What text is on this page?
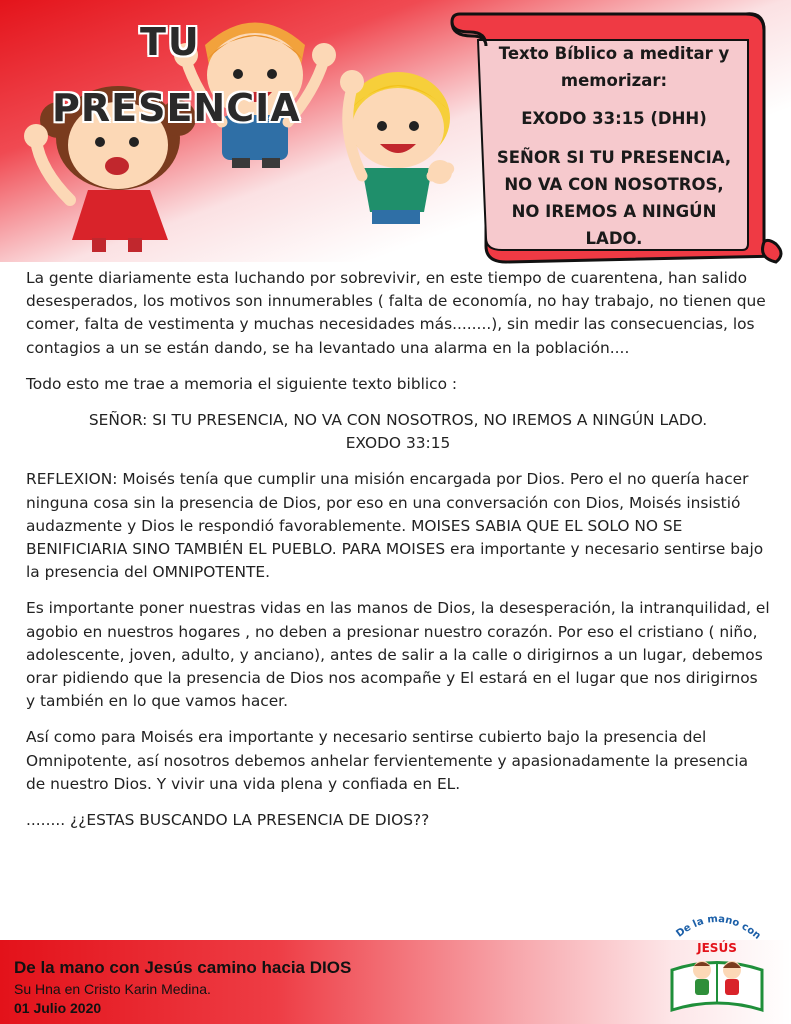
TU
PRESENCIA
Texto Bíblico a meditar y
memorizar:
EXODO 33:15 (DHH)
SEÑOR SI TU PRESENCIA,
NO VA CON NOSOTROS,
NO IREMOS A NINGÚN
LADO.

La gente diariamente esta luchando por sobrevivir, en este tiempo de cuarentena, han salido desesperados, los motivos son innumerables ( falta de economía, no hay trabajo, no tienen que comer, falta de vestimenta y muchas necesidades más........), sin medir las consecuencias, los contagios a un se están dando, se ha levantado una alarma en la población....

Todo esto me trae a memoria el siguiente texto biblico :

SEÑOR: SI TU PRESENCIA, NO VA CON NOSOTROS, NO IREMOS A NINGÚN LADO.
EXODO 33:15

REFLEXION: Moisés tenía que cumplir una misión encargada por Dios. Pero el no quería hacer ninguna cosa sin la presencia de Dios, por eso en una conversación con Dios, Moisés insistió audazmente y Dios le respondió favorablemente. MOISES SABIA QUE EL SOLO NO SE BENIFICIARIA SINO TAMBIÉN EL PUEBLO. PARA MOISES era importante y necesario sentirse bajo la presencia del OMNIPOTENTE.

Es importante poner nuestras vidas en las manos de Dios, la desesperación, la intranquilidad, el agobio en nuestros hogares , no deben a presionar nuestro corazón. Por eso el cristiano ( niño, adolescente, joven, adulto, y anciano), antes de salir a la calle o dirigirnos a un lugar, debemos orar pidiendo que la presencia de Dios nos acompañe y El estará en el lugar que nos dirigirnos y también en lo que vamos hacer.

Así como para Moisés era importante y necesario sentirse cubierto bajo la presencia del Omnipotente, así nosotros debemos anhelar fervientemente y apasionadamente la presencia de nuestro Dios. Y vivir una vida plena y confiada en EL.

........ ¿¿ESTAS BUSCANDO LA PRESENCIA DE DIOS??

De la mano con Jesús camino hacia DIOS
Su Hna en Cristo Karin Medina.
01 Julio 2020
De la mano con
JESÚS
